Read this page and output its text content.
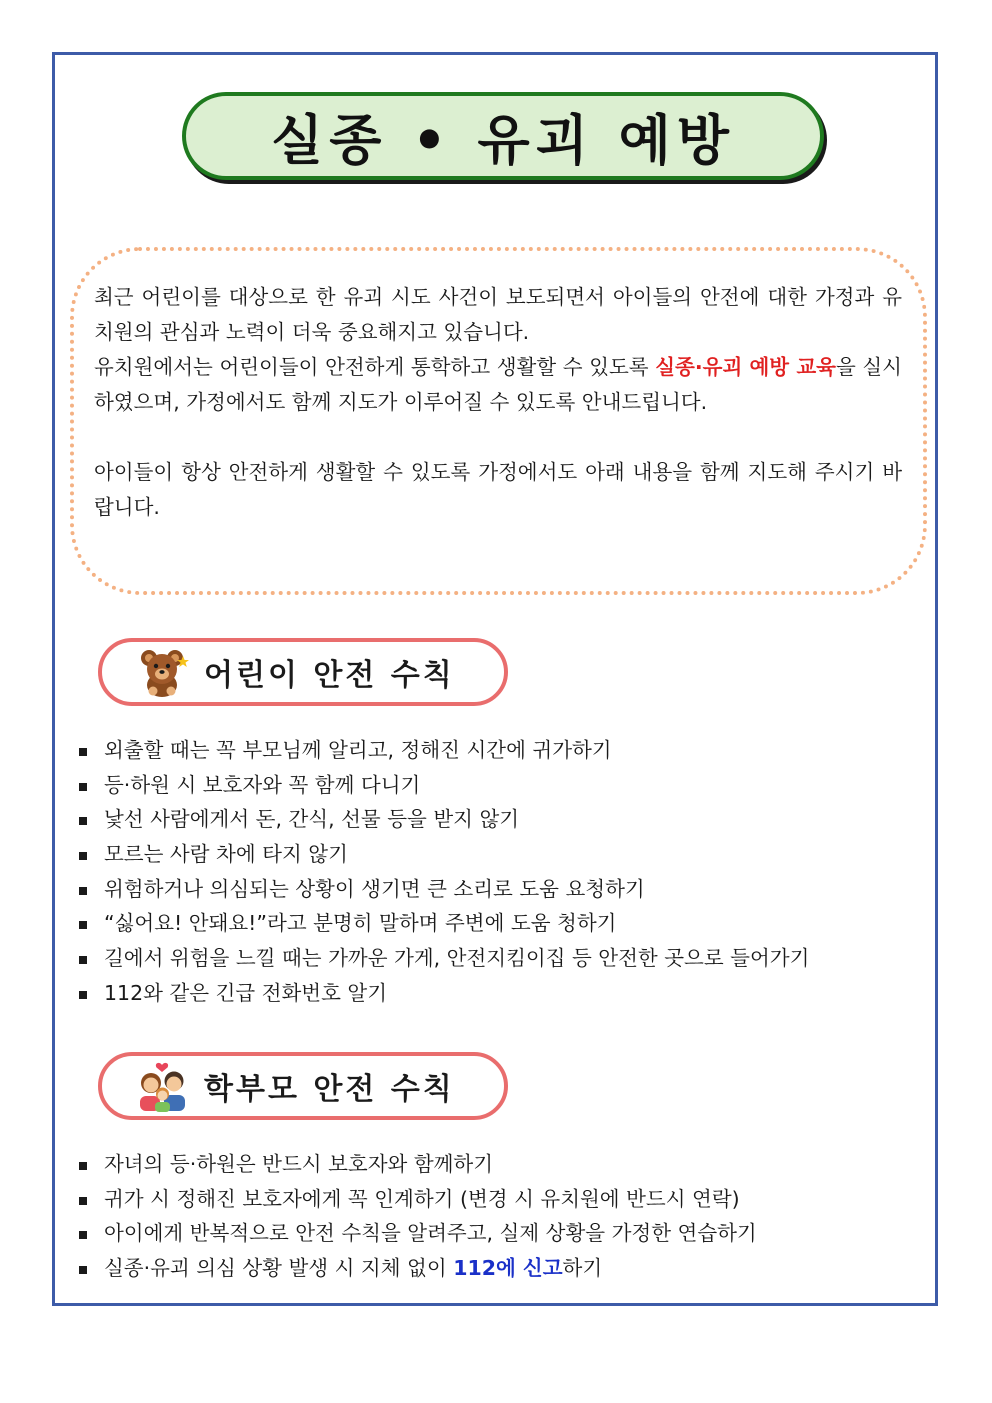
실종 • 유괴 예방

최근 어린이를 대상으로 한 유괴 시도 사건이 보도되면서 아이들의 안전에 대한 가정과 유치원의 관심과 노력이 더욱 중요해지고 있습니다.

유치원에서는 어린이들이 안전하게 통학하고 생활할 수 있도록 실종·유괴 예방 교육을 실시하였으며, 가정에서도 함께 지도가 이루어질 수 있도록 안내드립니다.

아이들이 항상 안전하게 생활할 수 있도록 가정에서도 아래 내용을 함께 지도해 주시기 바랍니다.

어린이 안전 수칙
외출할 때는 꼭 부모님께 알리고, 정해진 시간에 귀가하기
등·하원 시 보호자와 꼭 함께 다니기
낯선 사람에게서 돈, 간식, 선물 등을 받지 않기
모르는 사람 차에 타지 않기
위험하거나 의심되는 상황이 생기면 큰 소리로 도움 요청하기
“싫어요! 안돼요!”라고 분명히 말하며 주변에 도움 청하기
길에서 위험을 느낄 때는 가까운 가게, 안전지킴이집 등 안전한 곳으로 들어가기
112와 같은 긴급 전화번호 알기
학부모 안전 수칙
자녀의 등·하원은 반드시 보호자와 함께하기
귀가 시 정해진 보호자에게 꼭 인계하기 (변경 시 유치원에 반드시 연락)
아이에게 반복적으로 안전 수칙을 알려주고, 실제 상황을 가정한 연습하기
실종·유괴 의심 상황 발생 시 지체 없이 112에 신고하기
